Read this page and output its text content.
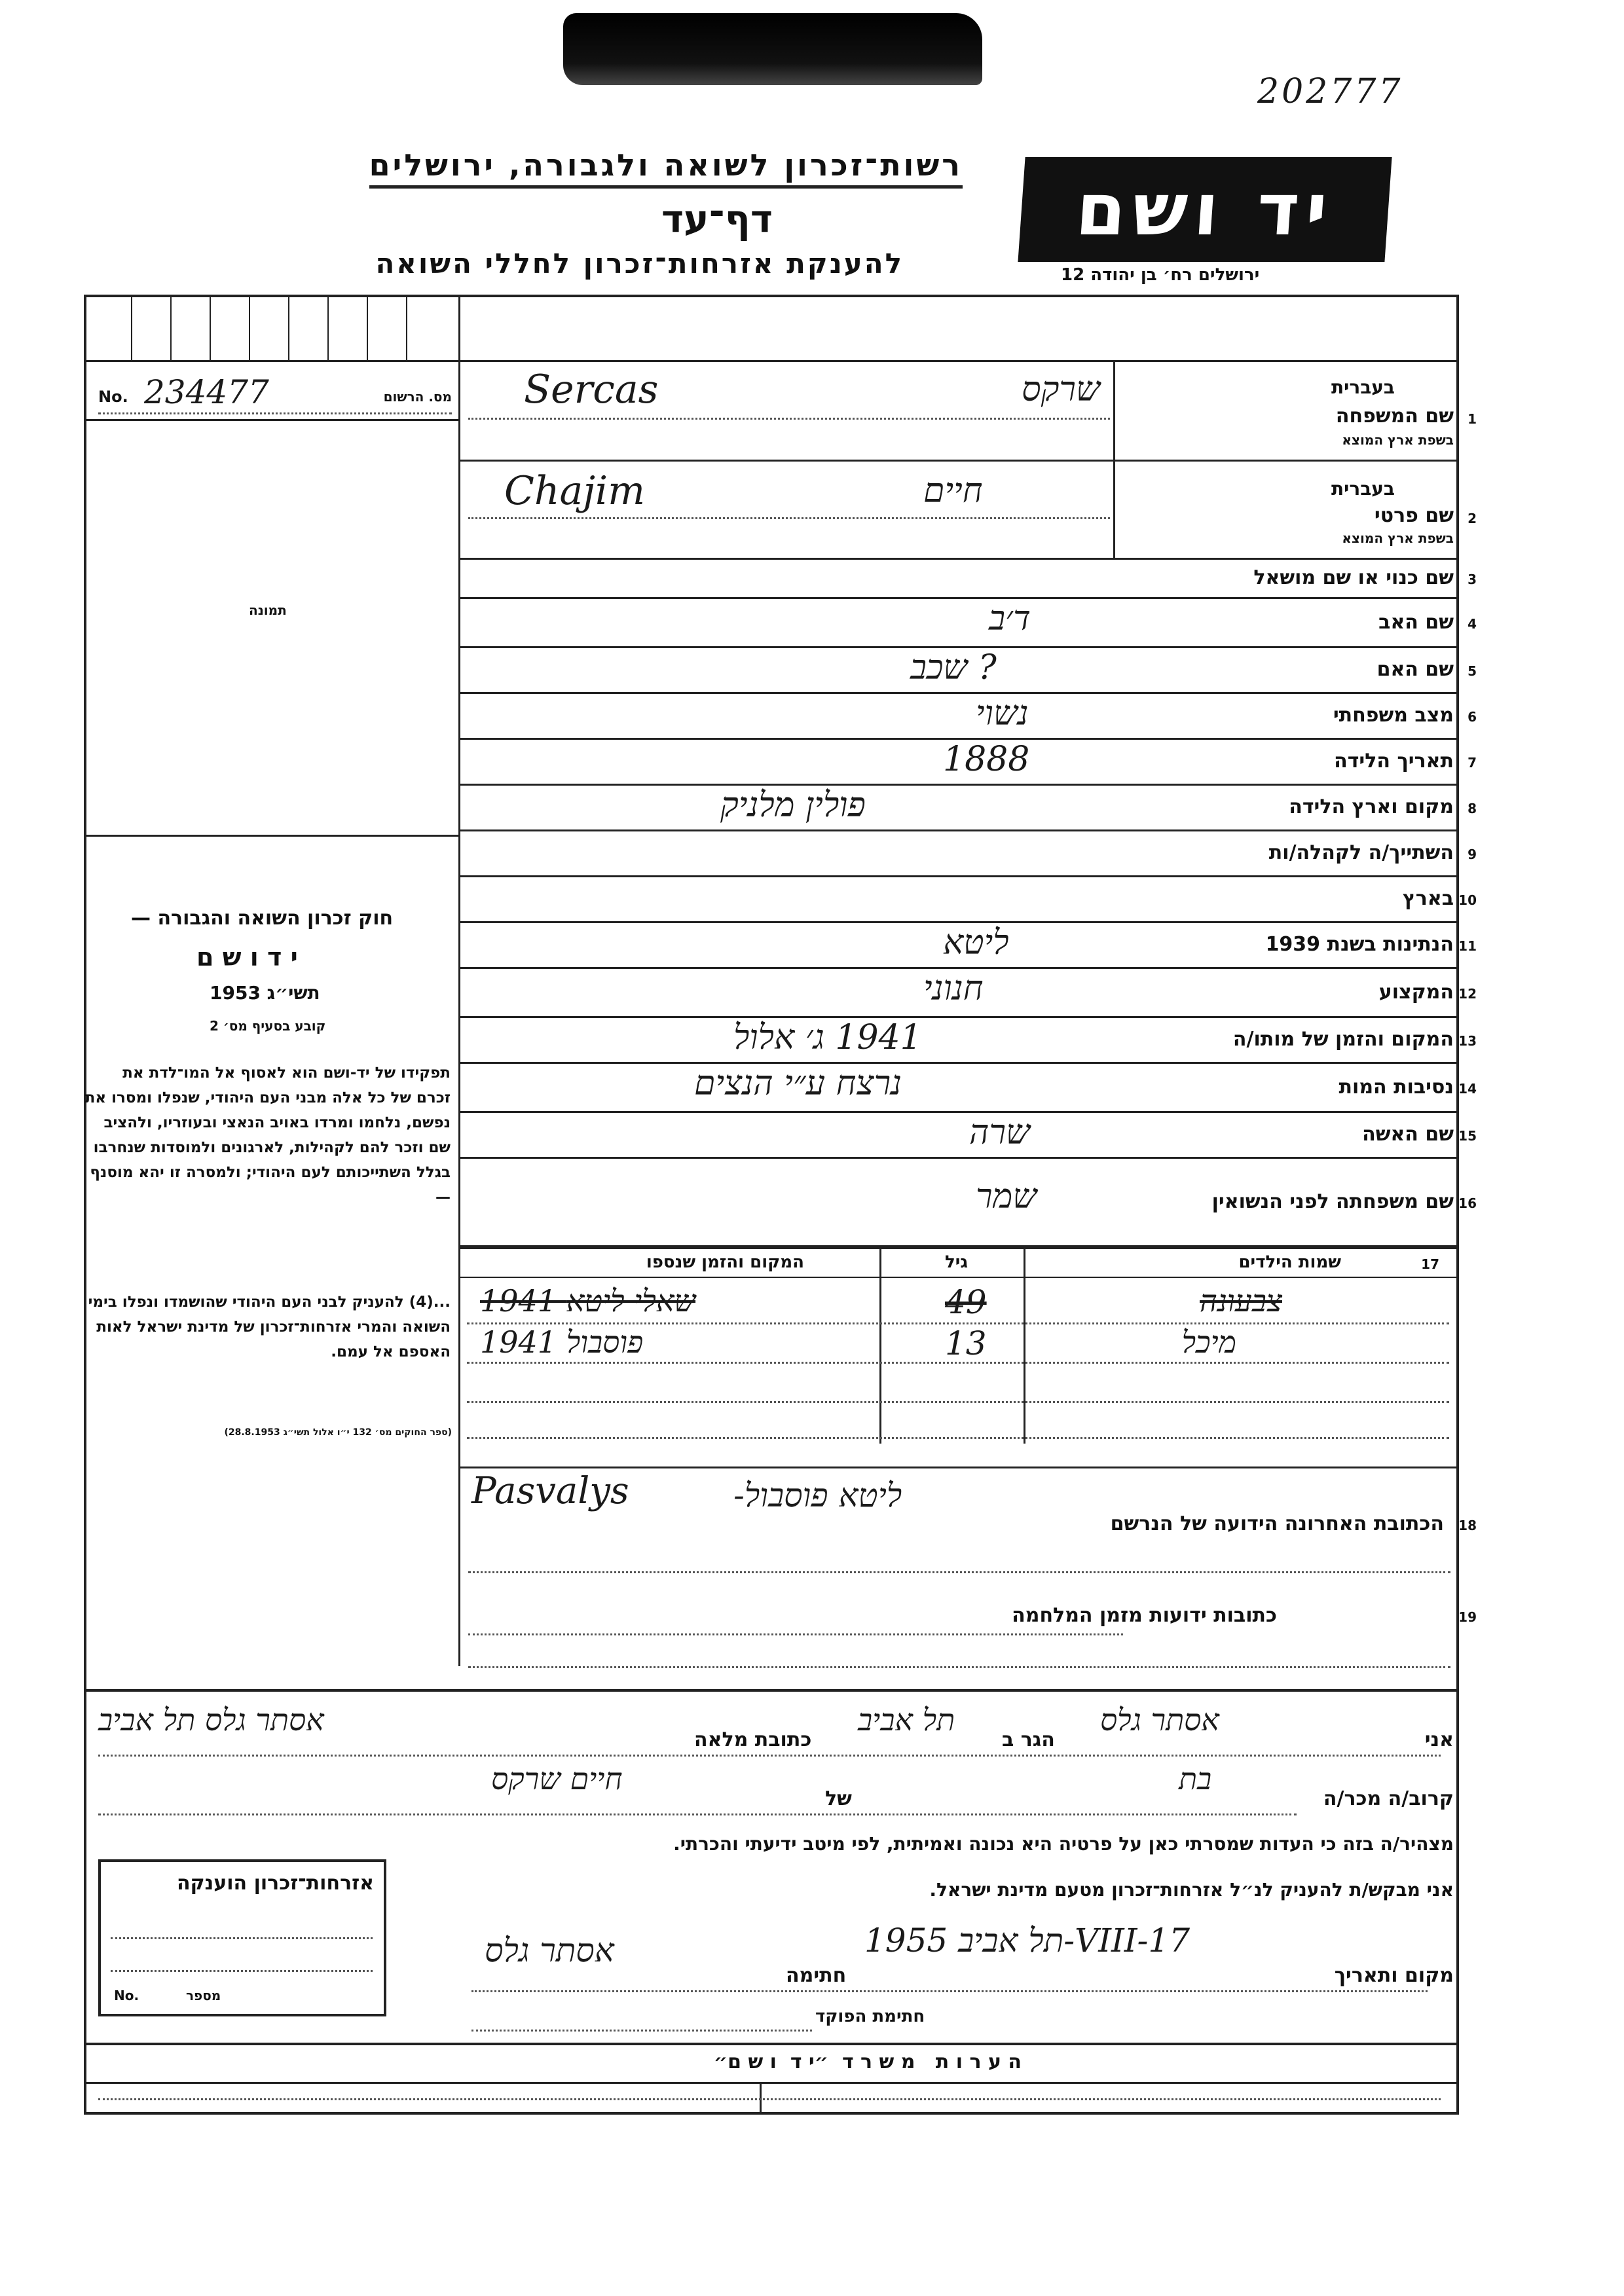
202777
רשות־זכרון לשואה ולגבורה, ירושלים
דף־עד
להענקת אזרחות־זכרון לחללי השואה
יד ושם
ירושלים רח׳ בן יהודה 12
No. 234477	מס. הרשום
תמונה
חוק זכרון השואה והגבורה —
י ד ו ש ם
תשי״ג 1953
קובע בסעיף מס׳ 2
תפקידו של יד-ושם הוא לאסוף אל המו־לדת את זכרם של כל אלה מבני העם היהודי, שנפלו ומסרו את נפשם, נלחמו ומרדו באויב הנאצי ובעוזריו, ולהציב שם וזכר להם לקהילות, לארגונים ולמוסדות שנחרבו בגלל השתייכותם לעם היהודי; ולמסרה זו יהא מוסנף —
...(4) להעניק לבני העם היהודי שהושמדו ונפלו בימי השואה והמרי אזרחות־זכרון של מדינת ישראל לאות האספם אל עמם.
(ספר החוקים מס׳ 132 י״ו אלול תשי״ג 28.8.1953)
שם המשפחה 1
בעברית
בשפת ארץ המוצא
Sercas	שרקס
שם פרטי 2
בעברית
בשפת ארץ המוצא
Chajim	חיים
שם כנוי או שם מושאל 3
שם האב 4
ד׳ב
שם האם 5
? שכב
מצב משפחתי 6
נשוי
תאריך הלידה 7
1888
מקום וארץ הלידה 8
פולין מלניק
השתייך/ה לקהלה/ות 9
בארץ 10
הנתינות בשנת 1939 11
ליטא
המקצוע 12
חנוני
המקום והזמן של מותו/ה 13
1941 ג׳ אלול
נסיבות המות 14
נרצח ע״י הנצים
שם האשה 15
שרה
שם משפחתה לפני הנשואין 16
שמר
המקום והזמן שנספו	גיל	שמות הילדים	17
1941 שאלי ליטא	49	צבעונה
1941 פוסבול	13	מיכל
Pasvalys	ליטא פוסבול-
הכתובת האחרונה הידועה של הנרשם 18
כתובות ידועות מזמן המלחמה	19
אני
אסתר גלס
הגר ב
תל אביב
כתובת מלאה
אסתר גלס תל אביב
קרוב/ה מכר/ה
בת
של
חיים שרקס
מצהיר/ה בזה כי העדות שמסרתי כאן על פרטיה היא נכונה ואמיתית, לפי מיטב ידיעתי והכרתי.
אני מבקש/ת להעניק לנ״ל אזרחות־זכרון מטעם מדינת ישראל.
מקום ותאריך
תל אביב 1955-VIII-17
חתימה
אסתר גלס
חתימת הפוקד
אזרחות־זכרון הוענקה
No.	מספר
ה ע ר ו ת   מ ש ר ד  ״י ד  ו ש ם״
